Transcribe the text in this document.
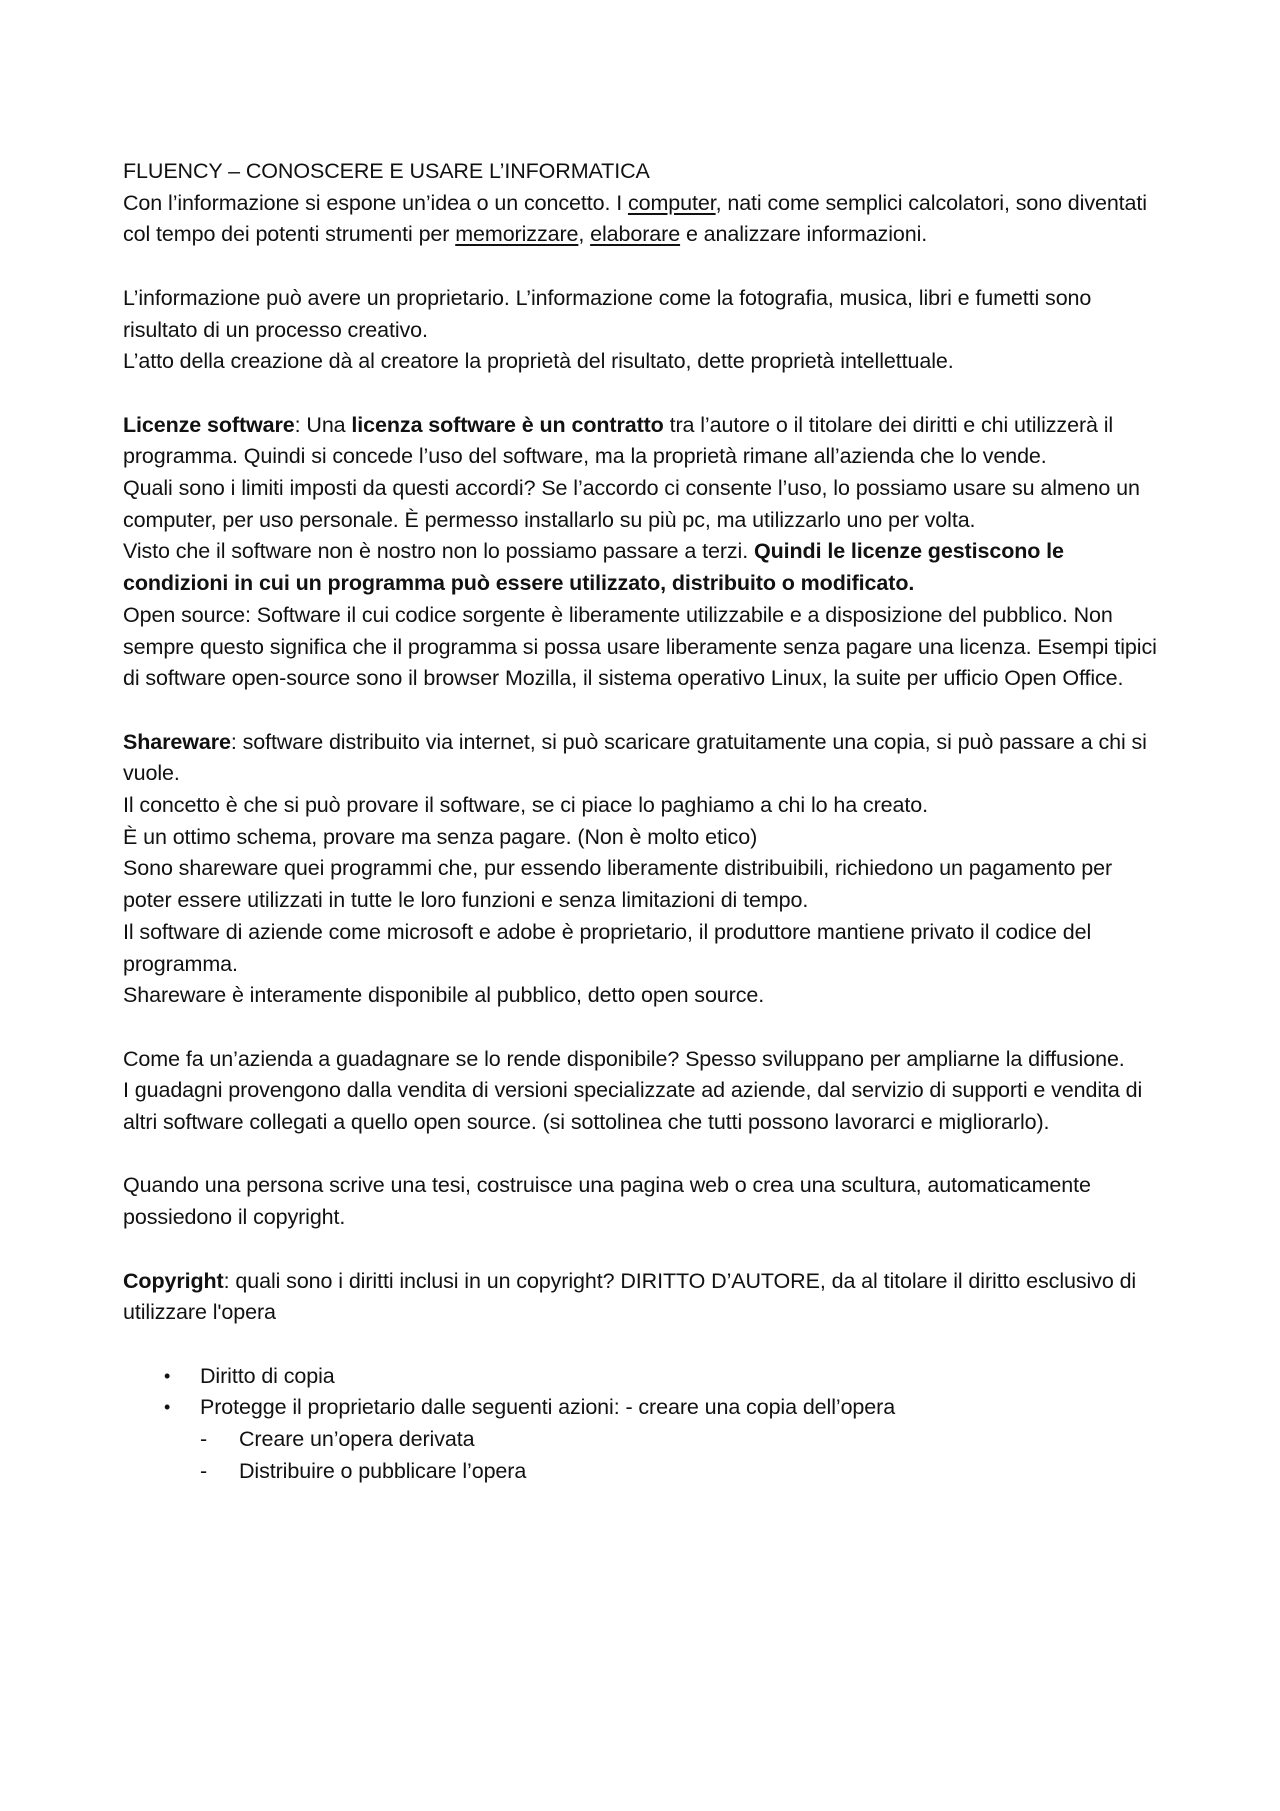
FLUENCY – CONOSCERE E USARE L’INFORMATICA

Con l’informazione si espone un’idea o un concetto. I computer, nati come semplici calcolatori, sono diventati col tempo dei potenti strumenti per memorizzare, elaborare e analizzare informazioni.

L’informazione può avere un proprietario. L’informazione come la fotografia, musica, libri e fumetti sono risultato di un processo creativo.

L’atto della creazione dà al creatore la proprietà del risultato, dette proprietà intellettuale.

Licenze software: Una licenza software è un contratto tra l’autore o il titolare dei diritti e chi utilizzerà il programma. Quindi si concede l’uso del software, ma la proprietà rimane all’azienda che lo vende.

Quali sono i limiti imposti da questi accordi? Se l’accordo ci consente l’uso, lo possiamo usare su almeno un computer, per uso personale. È permesso installarlo su più pc, ma utilizzarlo uno per volta.

Visto che il software non è nostro non lo possiamo passare a terzi. Quindi le licenze gestiscono le condizioni in cui un programma può essere utilizzato, distribuito o modificato.

Open source: Software il cui codice sorgente è liberamente utilizzabile e a disposizione del pubblico. Non sempre questo significa che il programma si possa usare liberamente senza pagare una licenza. Esempi tipici di software open-source sono il browser Mozilla, il sistema operativo Linux, la suite per ufficio Open Office.

Shareware: software distribuito via internet, si può scaricare gratuitamente una copia, si può passare a chi si vuole.

Il concetto è che si può provare il software, se ci piace lo paghiamo a chi lo ha creato.

È un ottimo schema, provare ma senza pagare. (Non è molto etico)

Sono shareware quei programmi che, pur essendo liberamente distribuibili, richiedono un pagamento per poter essere utilizzati in tutte le loro funzioni e senza limitazioni di tempo.

Il software di aziende come microsoft e adobe è proprietario, il produttore mantiene privato il codice del programma.

Shareware è interamente disponibile al pubblico, detto open source.

Come fa un’azienda a guadagnare se lo rende disponibile? Spesso sviluppano per ampliarne la diffusione.

I guadagni provengono dalla vendita di versioni specializzate ad aziende, dal servizio di supporti e vendita di altri software collegati a quello open source. (si sottolinea che tutti possono lavorarci e migliorarlo).

Quando una persona scrive una tesi, costruisce una pagina web o crea una scultura, automaticamente possiedono il copyright.

Copyright: quali sono i diritti inclusi in un copyright? DIRITTO D’AUTORE, da al titolare il diritto esclusivo di utilizzare l'opera

• Diritto di copia
• Protegge il proprietario dalle seguenti azioni: - creare una copia dell’opera
- Creare un’opera derivata
- Distribuire o pubblicare l’opera
